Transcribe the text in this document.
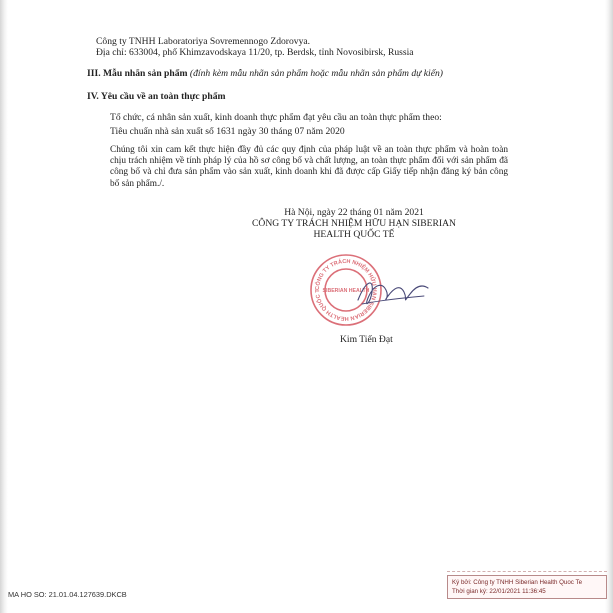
Công ty TNHH Laboratoriya Sovremennogo Zdorovya.
Địa chỉ: 633004, phố Khimzavodskaya 11/20, tp. Berdsk, tỉnh Novosibirsk, Russia
III. Mẫu nhãn sản phẩm (đính kèm mẫu nhãn sản phẩm hoặc mẫu nhãn sản phẩm dự kiến)
IV. Yêu cầu về an toàn thực phẩm
Tổ chức, cá nhân sản xuất, kinh doanh thực phẩm đạt yêu cầu an toàn thực phẩm theo:
Tiêu chuẩn nhà sản xuất số 1631 ngày 30 tháng 07 năm 2020
Chúng tôi xin cam kết thực hiện đầy đủ các quy định của pháp luật về an toàn thực phẩm và hoàn toàn chịu trách nhiệm về tính pháp lý của hồ sơ công bố và chất lượng, an toàn thực phẩm đối với sản phẩm đã công bố và chỉ đưa sản phẩm vào sản xuất, kinh doanh khi đã được cấp Giấy tiếp nhận đăng ký bản công bố sản phẩm./.
Hà Nội, ngày 22 tháng 01 năm 2021
CÔNG TY TRÁCH NHIỆM HỮU HẠN SIBERIAN
HEALTH QUỐC TẾ
CÔNG TY TRÁCH NHIỆM HỮU HẠN SIBERIAN HEALTH QUỐC T SIBERIAN HEALTH
Kim Tiến Đạt
MA HO SO: 21.01.04.127639.DKCB
Ký bởi: Công ty TNHH Siberian Health Quoc Te
Thời gian ký: 22/01/2021 11:36:45
